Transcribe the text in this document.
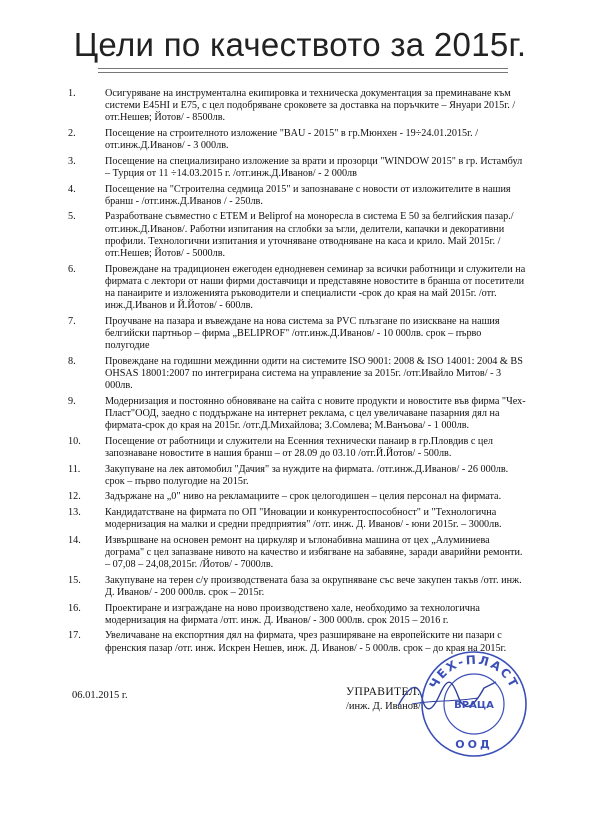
Цели по качеството за 2015г.
1.	Осигуряване на инструментална екипировка и техническа документация за преминаване към системи Е45HI и Е75, с цел подобряване сроковете за доставка на поръчките – Януари 2015г. /отг.Нешев; Йотов/ - 8500лв.
2.	Посещение на строителното изложение "BAU - 2015" в гр.Мюнхен - 19÷24.01.2015г. /отг.инж.Д.Иванов/ - 3 000лв.
3.	Посещение на специализирано изложение за врати и прозорци "WINDOW 2015" в гр. Истамбул – Турция от 11 ÷14.03.2015 г. /отг.инж.Д.Иванов/ - 2 000лв
4.	Посещение на "Строителна седмица 2015" и запознаване с новости от изложителите в нашия бранш - /отг.инж.Д.Иванов / - 250лв.
5.	Разработване съвместно с ЕТЕМ и Beliprof на моноресла в система Е 50 за белгийския пазар./отг.инж.Д.Иванов/. Работни изпитания на сглобки за ъгли, делители, капачки и декоративни профили. Технологични изпитания и уточняване отводняване на каса и крило. Май 2015г. /отг.Нешев; Йотов/ - 5000лв.
6.	Провеждане на традиционен ежегоден еднодневен семинар за всички работници и служители на фирмата с лектори от наши фирми доставчици и представяне новостите в бранша от посетители на панаирите и изложенията ръководители и специалисти -срок до края на май 2015г. /отг. инж.Д.Иванов и Й.Йотов/ - 600лв.
7.	Проучване на пазара и въвеждане на нова система за PVC плъзгане по изискване на нашия белгийски партньор – фирма „BELIPROF" /отг.инж.Д.Иванов/ - 10 000лв. срок – първо полугодие
8.	Провеждане на годишни междинни одити на системите ISO 9001: 2008 & ISO 14001: 2004 & BS OHSAS 18001:2007 по интегрирана система на управление за 2015г. /отг.Ивайло Митов/ - 3 000лв.
9.	Модернизация и постоянно обновяване на сайта с новите продукти и новостите във фирма "Чех-Пласт"ООД, заедно с поддържане на интернет реклама, с цел увеличаване пазарния дял на фирмата-срок до края на 2015г. /отг.Д.Михайлова; З.Сомлева; М.Ванъова/ - 1 000лв.
10.	Посещение от работници и служители на Есенния технически панаир в гр.Пловдив с цел запознаване новостите в нашия бранш – от 28.09 до 03.10 /отг.Й.Йотов/ - 500лв.
11.	Закупуване на лек автомобил "Дачия" за нуждите на фирмата. /отг.инж.Д.Иванов/ - 26 000лв. срок – първо полугодие на 2015г.
12.	Задържане на „0" ниво на рекламациите – срок целогодишен – целия персонал на фирмата.
13.	Кандидатстване на фирмата по ОП "Иновации и конкурентоспособност" и "Технологична модернизация на малки и средни предприятия" /отг. инж. Д. Иванов/ - юни 2015г. – 3000лв.
14.	Извършване на основен ремонт на циркуляр и ъглонабивна машина от цех „Алуминиева дограма" с цел запазване нивото на качество и избягване на забавяне, заради аварийни ремонти. – 07,08 – 24,08,2015г. /Йотов/ - 7000лв.
15.	Закупуване на терен с/у производствената база за окрупняване със вече закупен такъв /отг. инж. Д. Иванов/ - 200 000лв. срок – 2015г.
16.	Проектиране и изграждане на ново производствено хале, необходимо за технологична модернизация на фирмата /отг. инж. Д. Иванов/ - 300 000лв. срок 2015 – 2016 г.
17.	Увеличаване на експортния дял на фирмата, чрез разширяване на европейските ни пазари с френския пазар /отг. инж. Искрен Нешев, инж. Д. Иванов/ - 5 000лв. срок – до края на 2015г.
06.01.2015 г.	УПРАВИТЕЛ:
/инж. Д. Иванов/
ЧЕХ-ПЛАСТ
ВРАЦА
ООД
